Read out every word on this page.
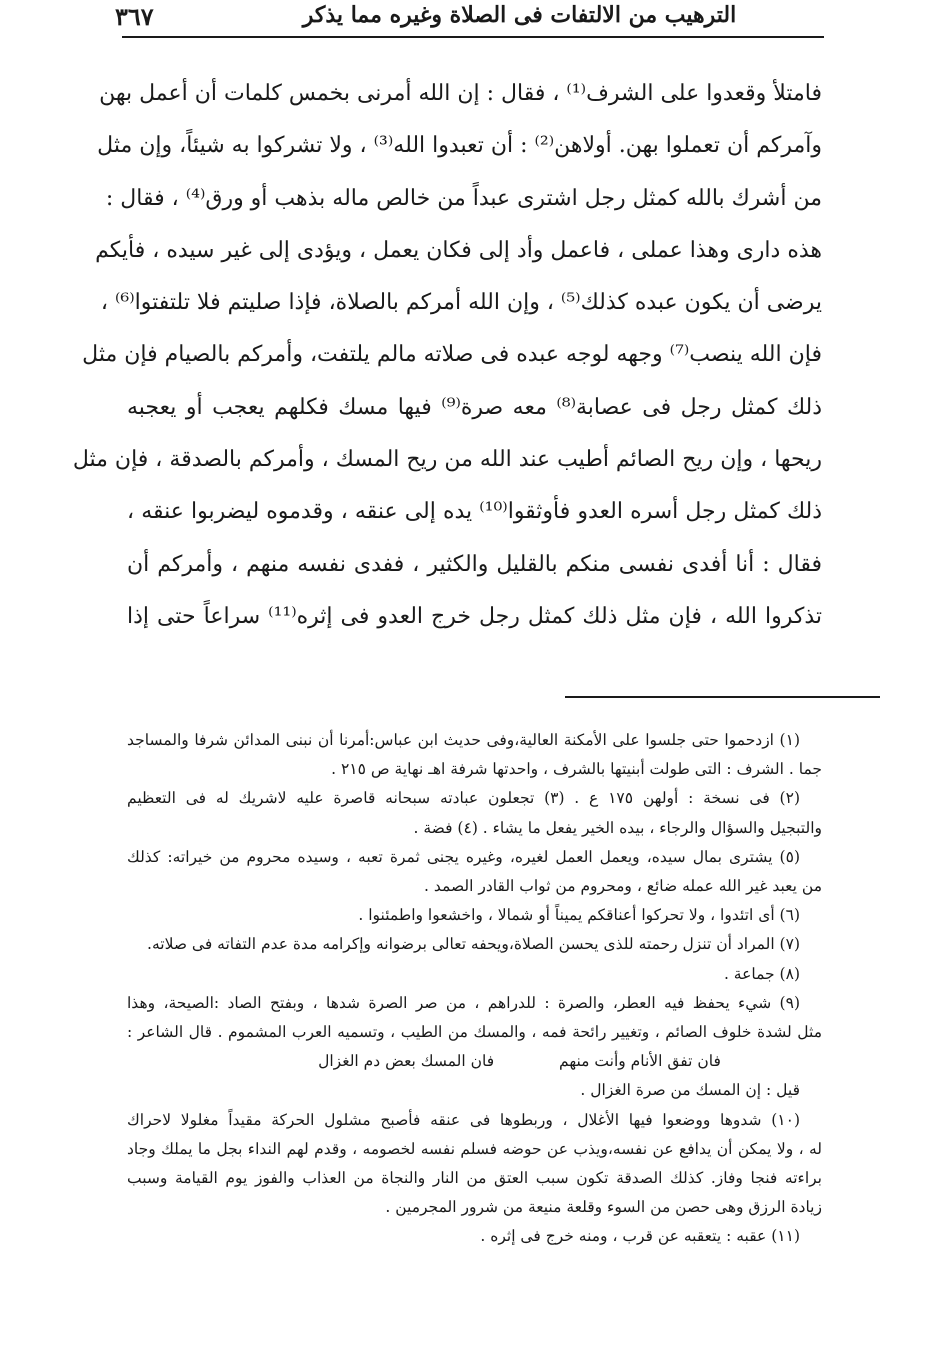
الترهيب من الالتفات فى الصلاة وغيره مما يذكر
٣٦٧
فامتلأ وقعدوا على الشرف⁽¹⁾ ، فقال : إن الله أمرنى بخمس كلمات أن أعمل بهن
وآمركم أن تعملوا بهن. أولاهن⁽²⁾ : أن تعبدوا الله⁽³⁾ ، ولا تشركوا به شيئاً، وإن مثل
من أشرك بالله كمثل رجل اشترى عبداً من خالص ماله بذهب أو ورق⁽⁴⁾ ، فقال :
هذه دارى وهذا عملى ، فاعمل وأد إلى فكان يعمل ، ويؤدى إلى غير سيده ، فأيكم
يرضى أن يكون عبده كذلك⁽⁵⁾ ، وإن الله أمركم بالصلاة، فإذا صليتم فلا تلتفتوا⁽⁶⁾ ،
فإن الله ينصب⁽⁷⁾ وجهه لوجه عبده فى صلاته مالم يلتفت، وأمركم بالصيام فإن مثل
ذلك كمثل رجل فى عصابة⁽⁸⁾ معه صرة⁽⁹⁾ فيها مسك فكلهم يعجب أو يعجبه
ريحها ، وإن ريح الصائم أطيب عند الله من ريح المسك ، وأمركم بالصدقة ، فإن مثل
ذلك كمثل رجل أسره العدو فأوثقوا⁽¹⁰⁾ يده إلى عنقه ، وقدموه ليضربوا عنقه ،
فقال : أنا أفدى نفسى منكم بالقليل والكثير ، ففدى نفسه منهم ، وأمركم أن
تذكروا الله ، فإن مثل ذلك كمثل رجل خرج العدو فى إثره⁽¹¹⁾ سراعاً حتى إذا
(١) ازدحموا حتى جلسوا على الأمكنة العالية،وفى حديث ابن عباس:أمرنا أن نبنى المدائن شرفا والمساجد
جما . الشرف : التى طولت أبنيتها بالشرف ، واحدتها شرفة اهـ نهاية ص ٢١٥ .
(٢) فى نسخة : أولهن ١٧٥ ع . (٣) تجعلون عبادته سبحانه قاصرة عليه لاشريك له فى التعظيم
والتبجيل والسؤال والرجاء ، بيده الخير يفعل ما يشاء . (٤) فضة .
(٥) يشترى بمال سيده، ويعمل العمل لغيره، وغيره يجنى ثمرة تعبه ، وسيده محروم من خيراته: كذلك
من يعبد غير الله عمله ضائع ، ومحروم من ثواب القادر الصمد .
(٦) أى اتئدوا ، ولا تحركوا أعناقكم يميناً أو شمالا ، واخشعوا واطمئنوا .
(٧) المراد أن تنزل رحمته للذى يحسن الصلاة،ويحفه تعالى برضوانه وإكرامه مدة عدم التفاته فى صلاته.
(٨) جماعة .
(٩) شيء يحفظ فيه العطر، والصرة : للدراهم ، من صر الصرة شدها ، وبفتح الصاد :الصيحة، وهذا
مثل لشدة خلوف الصائم ، وتغيير رائحة فمه ، والمسك من الطيب ، وتسميه العرب المشموم . قال الشاعر :
فان تفق الأنام وأنت منهم فان المسك بعض دم الغزال
قيل : إن المسك من صرة الغزال .
(١٠) شدوها ووضعوا فيها الأغلال ، وربطوها فى عنقه فأصبح مشلول الحركة مقيداً مغلولا لاحراك
له ، ولا يمكن أن يدافع عن نفسه،ويذب عن حوضه فسلم نفسه لخصومه ، وقدم لهم النداء بجل ما يملك وجاد
براءته فنجا وفاز. كذلك الصدقة تكون سبب العتق من النار والنجاة من العذاب والفوز يوم القيامة وسبب
زيادة الرزق وهى حصن من السوء وقلعة منيعة من شرور المجرمين .
(١١) عقبه : يتعقبه عن قرب ، ومنه خرج فى إثره .
